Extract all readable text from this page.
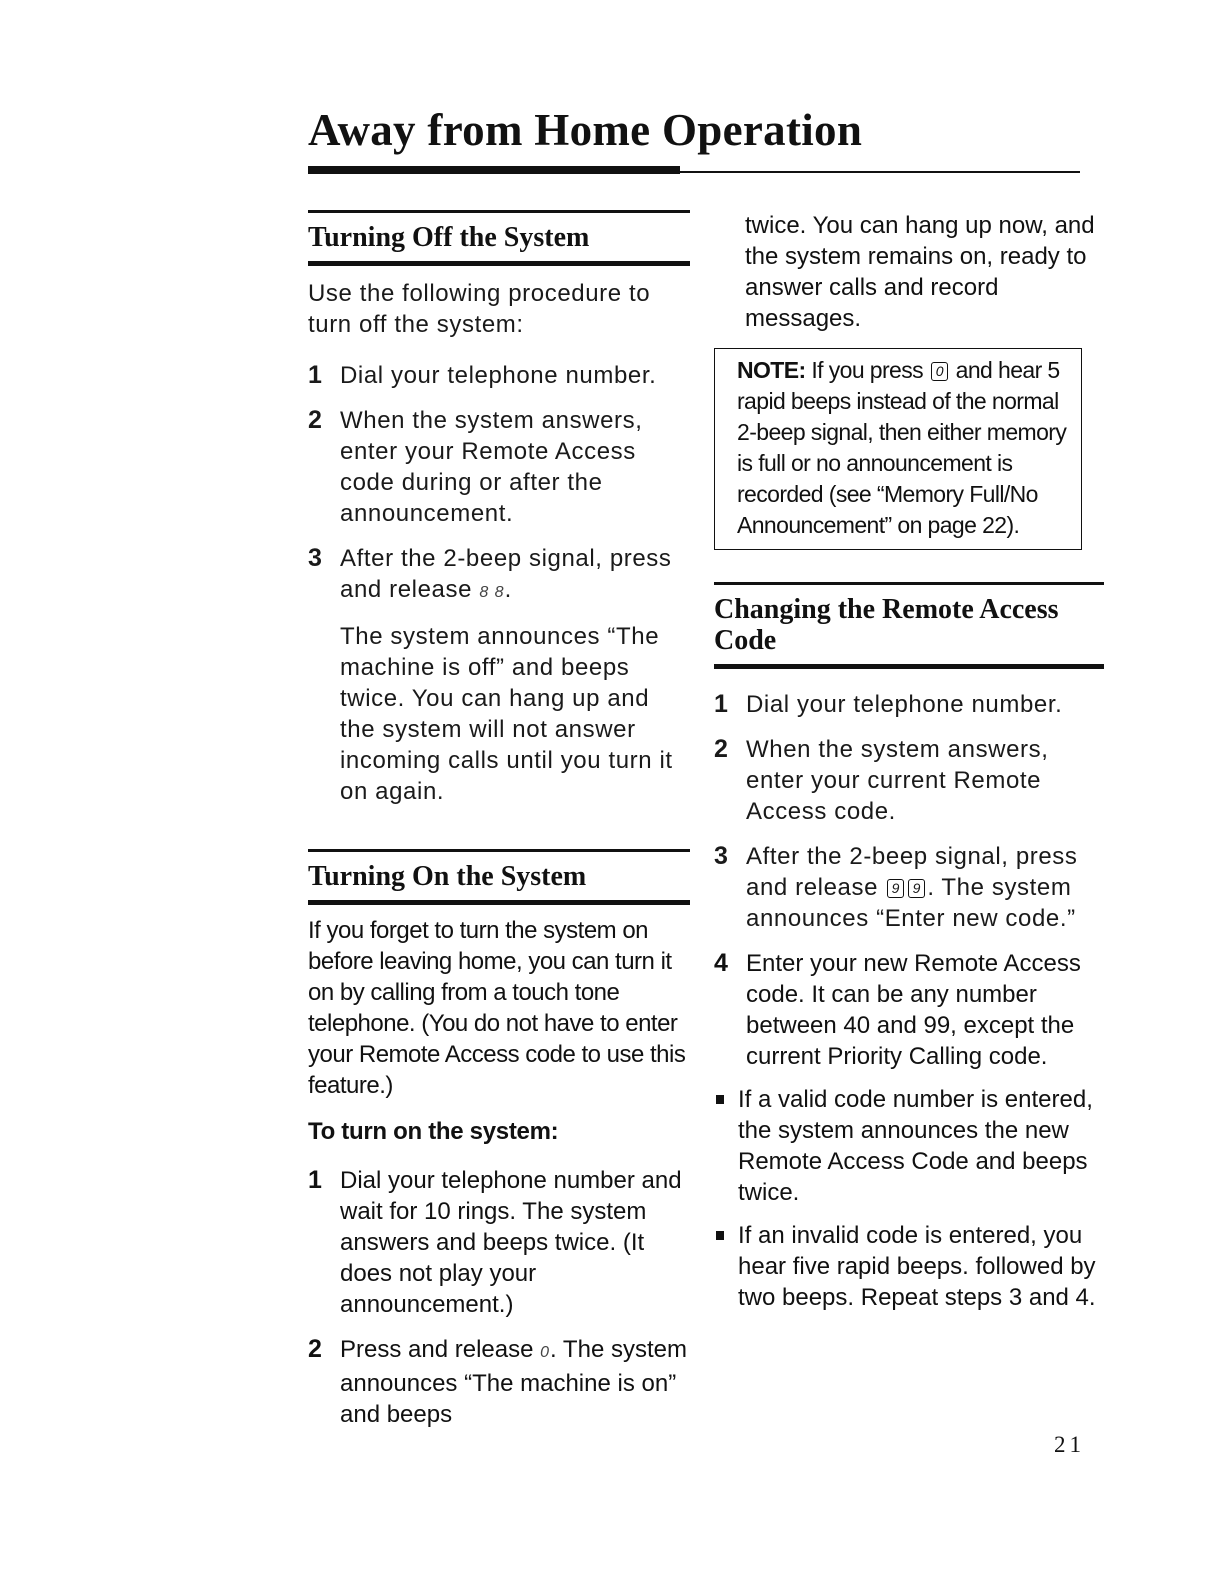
Away from Home Operation
Turning Off the System

Use the following procedure to turn off the system:

1 Dial your telephone number.
2 When the system answers, enter your Remote Access code during or after the announcement.
3 After the 2-beep signal, press and release 8 8.

The system announces “The machine is off” and beeps twice. You can hang up and the system will not answer incoming calls until you turn it on again.

Turning On the System

If you forget to turn the system on before leaving home, you can turn it on by calling from a touch tone telephone. (You do not have to enter your Remote Access code to use this feature.)

To turn on the system:

1 Dial your telephone number and wait for 10 rings. The system answers and beeps twice. (It does not play your announcement.)
2 Press and release 0. The system announces “The machine is on” and beeps

twice. You can hang up now, and the system remains on, ready to answer calls and record messages.

NOTE: If you press 0 and hear 5 rapid beeps instead of the normal 2-beep signal, then either memory is full or no announcement is recorded (see “Memory Full/No Announcement” on page 22).
Changing the Remote Access Code
1 Dial your telephone number.
2 When the system answers, enter your current Remote Access code.
3 After the 2-beep signal, press and release 9 9 . The system announces “Enter new code.”
4 Enter your new Remote Access code. It can be any number between 40 and 99, except the current Priority Calling code.
If a valid code number is entered, the system announces the new Remote Access Code and beeps twice.
If an invalid code is entered, you hear five rapid beeps. followed by two beeps. Repeat steps 3 and 4.
21
